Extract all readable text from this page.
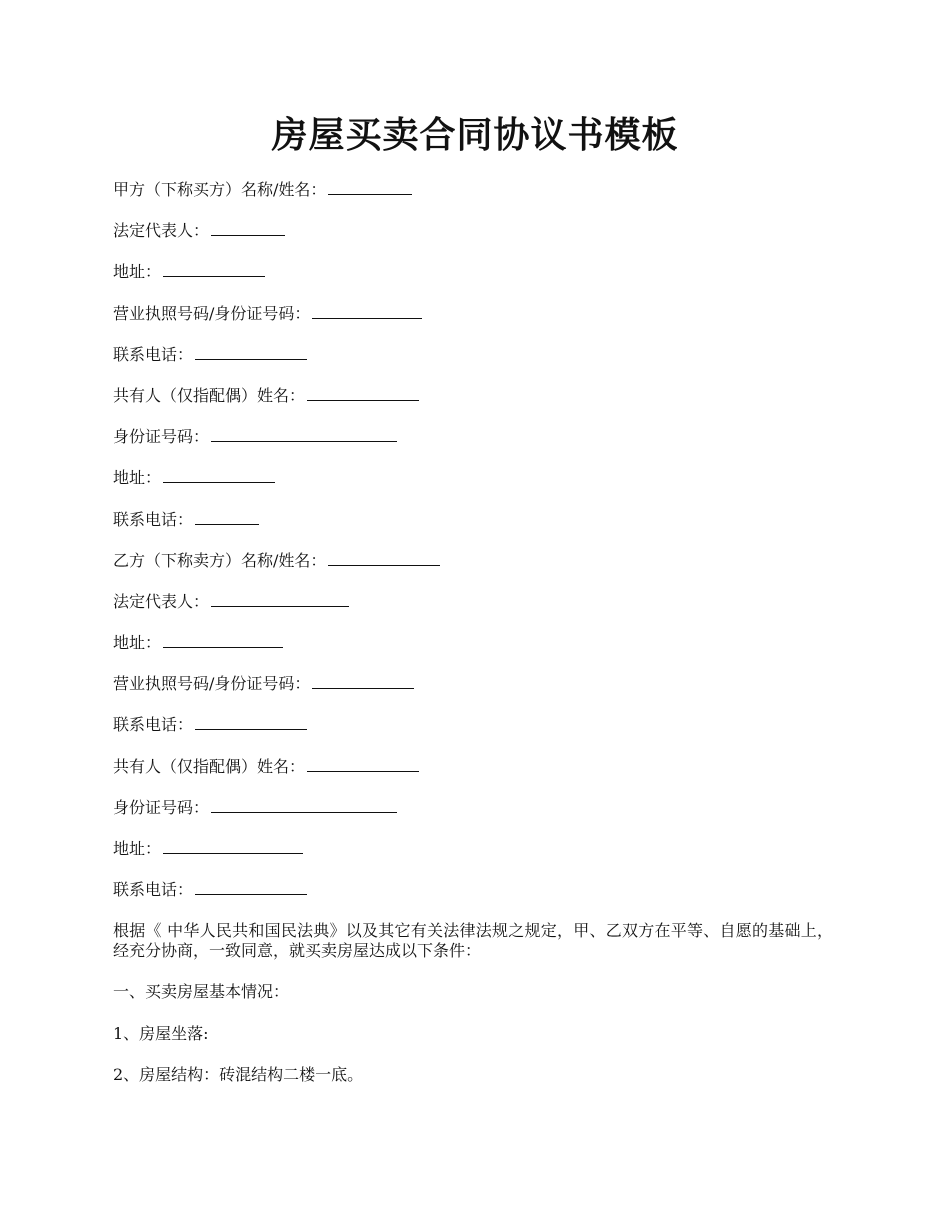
房屋买卖合同协议书模板
甲方（下称买方）名称/姓名：
法定代表人：
地址：
营业执照号码/身份证号码：
联系电话：
共有人（仅指配偶）姓名：
身份证号码：
地址：
联系电话：
乙方（下称卖方）名称/姓名：
法定代表人：
地址：
营业执照号码/身份证号码：
联系电话：
共有人（仅指配偶）姓名：
身份证号码：
地址：
联系电话：
根据《 中华人民共和国民法典》以及其它有关法律法规之规定，甲、乙双方在平等、自愿的基础上，经充分协商，一致同意，就买卖房屋达成以下条件：
一、买卖房屋基本情况：
1、房屋坐落:
2、房屋结构：砖混结构二楼一底。
